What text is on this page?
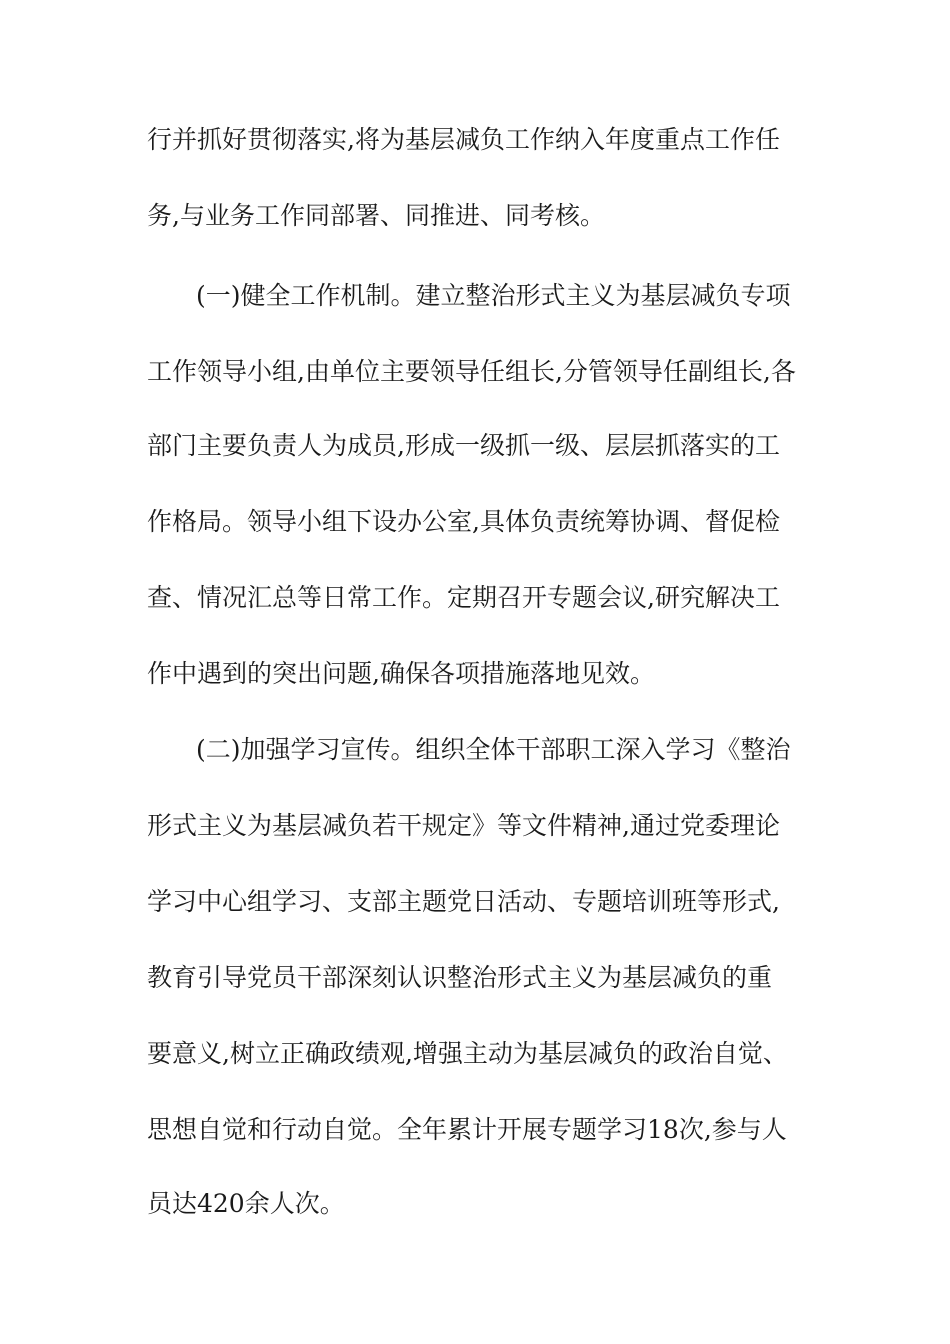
行并抓好贯彻落实,将为基层减负工作纳入年度重点工作任
务,与业务工作同部署、同推进、同考核。
(一)健全工作机制。建立整治形式主义为基层减负专项
工作领导小组,由单位主要领导任组长,分管领导任副组长,各
部门主要负责人为成员,形成一级抓一级、层层抓落实的工
作格局。领导小组下设办公室,具体负责统筹协调、督促检
查、情况汇总等日常工作。定期召开专题会议,研究解决工
作中遇到的突出问题,确保各项措施落地见效。
(二)加强学习宣传。组织全体干部职工深入学习《整治
形式主义为基层减负若干规定》等文件精神,通过党委理论
学习中心组学习、支部主题党日活动、专题培训班等形式,
教育引导党员干部深刻认识整治形式主义为基层减负的重
要意义,树立正确政绩观,增强主动为基层减负的政治自觉、
思想自觉和行动自觉。全年累计开展专题学习18次,参与人
员达420余人次。
